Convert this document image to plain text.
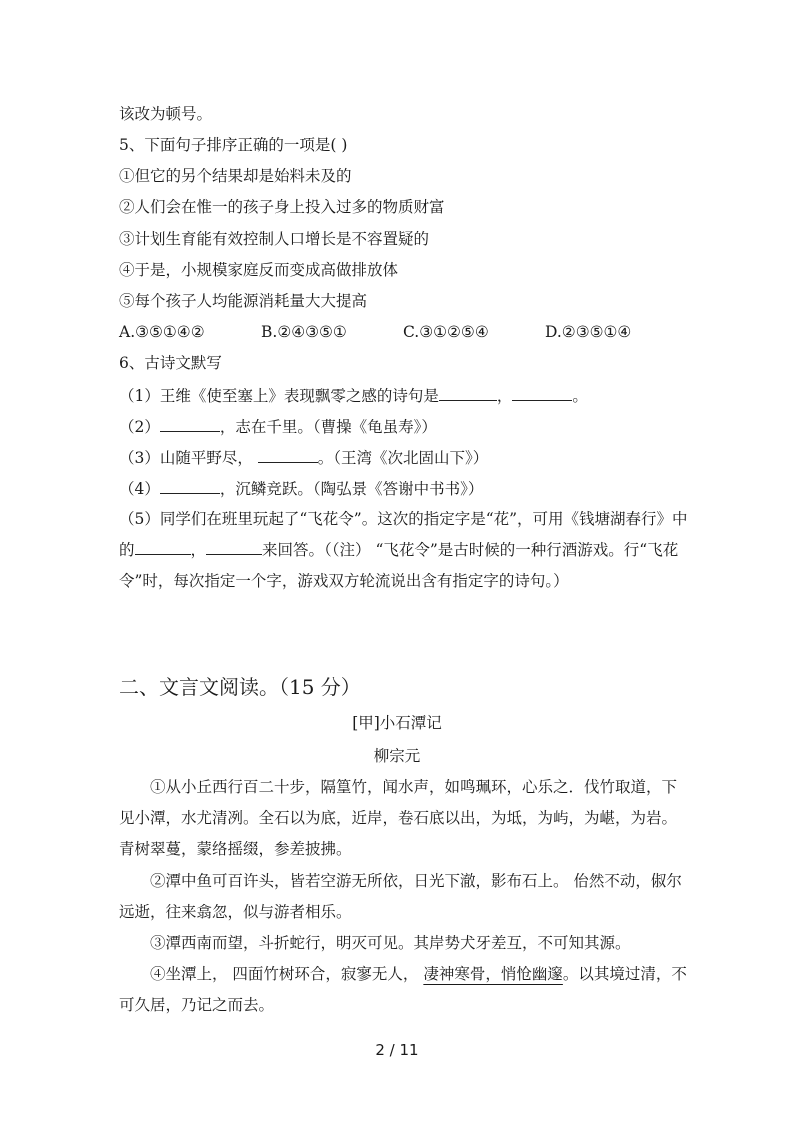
该改为顿号。
5、下面句子排序正确的一项是( )
①但它的另个结果却是始料未及的
②人们会在惟一的孩子身上投入过多的物质财富
③计划生育能有效控制人口增长是不容置疑的
④于是，小规模家庭反而变成高做排放体
⑤每个孩子人均能源消耗量大大提高
A.③⑤①④②	B.②④③⑤①	C.③①②⑤④	D.②③⑤①④
6、古诗文默写
（1）王维《使至塞上》表现飘零之感的诗句是	，	。
（2）	，志在千里。（曹操《龟虽寿》）
（3）山随平野尽，	。（王湾《次北固山下》）
（4）	，沉鳞竞跃。（陶弘景《答谢中书书》）
（5）同学们在班里玩起了“飞花令”。这次的指定字是“花”，可用《钱塘湖春行》中的	，	来回答。（（注） “飞花令”是古时候的一种行酒游戏。行“飞花令”时，每次指定一个字，游戏双方轮流说出含有指定字的诗句。）
二、文言文阅读。（15 分）
[甲]小石潭记
柳宗元
①从小丘西行百二十步，隔篁竹，闻水声，如鸣珮环，心乐之．伐竹取道，下见小潭，水尤清冽。全石以为底，近岸，卷石底以出，为坻，为屿，为嵁，为岩。青树翠蔓，蒙络摇缀，参差披拂。
②潭中鱼可百许头，皆若空游无所依，日光下澈，影布石上。 佁然不动，俶尔远逝，往来翕忽，似与游者相乐。
③潭西南而望，斗折蛇行，明灭可见。其岸势犬牙差互，不可知其源。
④坐潭上， 四面竹树环合，寂寥无人， 凄神寒骨，悄怆幽邃。以其境过清，不可久居，乃记之而去。
2 / 11
